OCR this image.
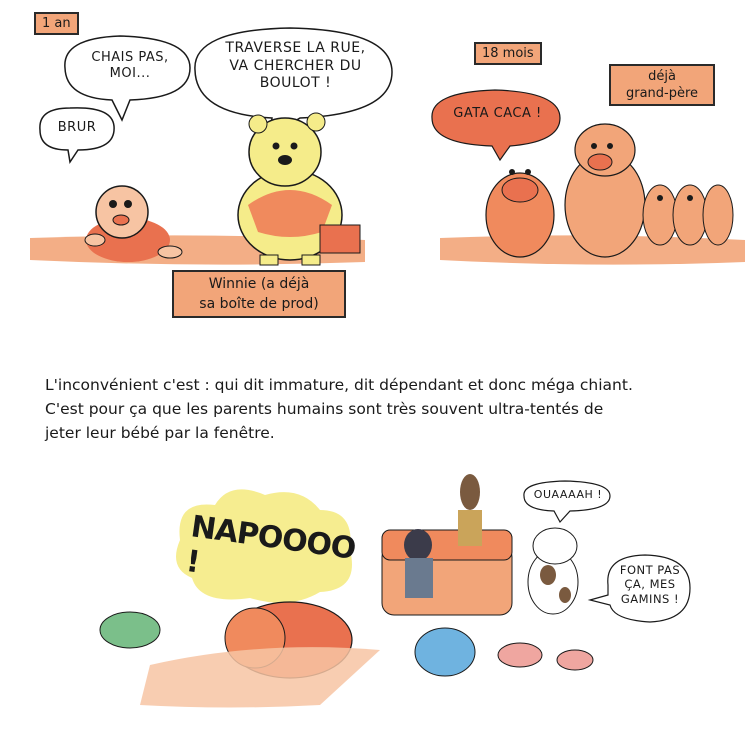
1 an
BRUR
CHAIS PAS, MOI...
TRAVERSE LA RUE,
VA CHERCHER DU
BOULOT !
Winnie (a déjà
sa boîte de prod)
18 mois
GATA CACA !
déjà
grand-père
L'inconvénient c'est : qui dit immature, dit dépendant et donc méga chiant.
C'est pour ça que les parents humains sont très souvent ultra-tentés de
jeter leur bébé par la fenêtre.
NAPOOOO !
OUAAAAH !
FONT PAS
ÇA, MES
GAMINS !
